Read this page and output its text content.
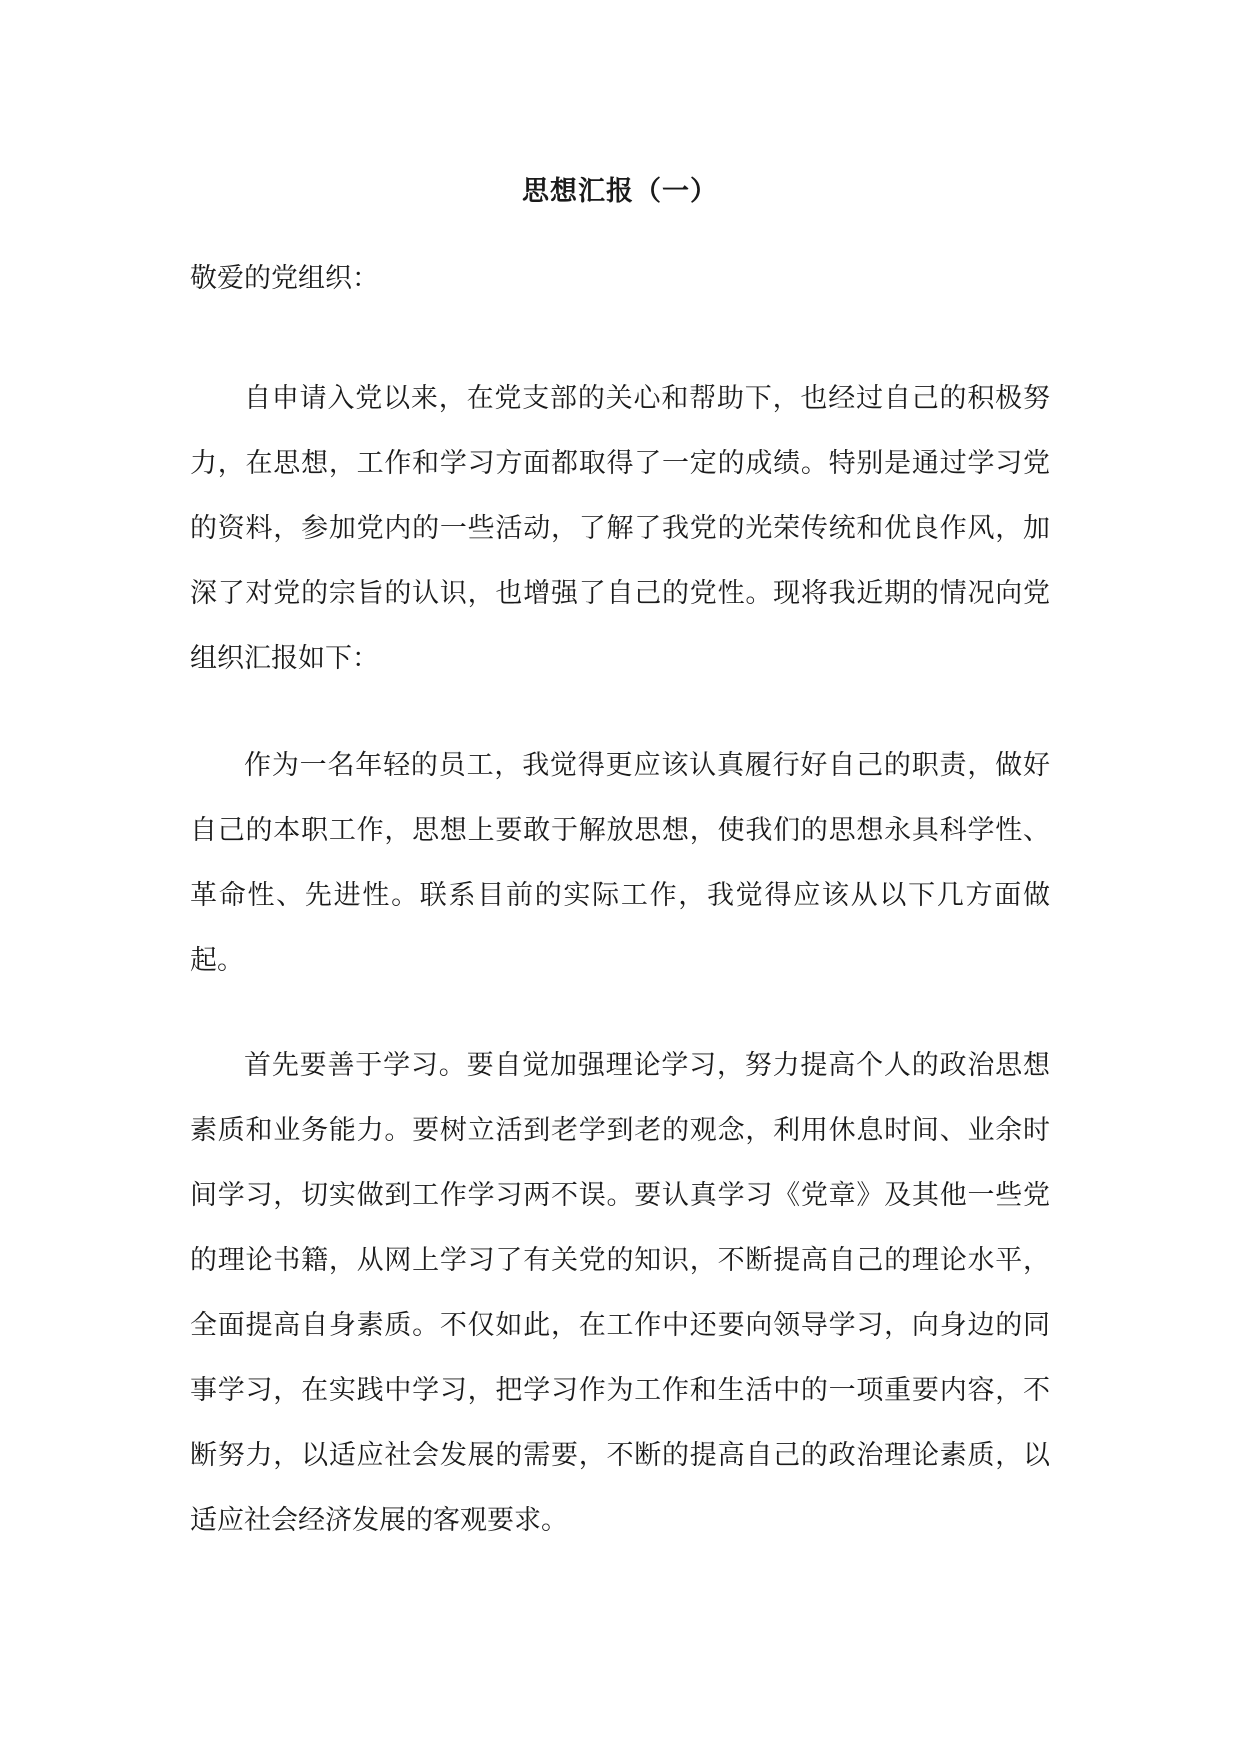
思想汇报（一）
敬爱的党组织：

自申请入党以来，在党支部的关心和帮助下，也经过自己的积极努力，在思想，工作和学习方面都取得了一定的成绩。特别是通过学习党的资料，参加党内的一些活动，了解了我党的光荣传统和优良作风，加深了对党的宗旨的认识，也增强了自己的党性。现将我近期的情况向党组织汇报如下：

作为一名年轻的员工，我觉得更应该认真履行好自己的职责，做好自己的本职工作，思想上要敢于解放思想，使我们的思想永具科学性、革命性、先进性。联系目前的实际工作，我觉得应该从以下几方面做起。

首先要善于学习。要自觉加强理论学习，努力提高个人的政治思想素质和业务能力。要树立活到老学到老的观念，利用休息时间、业余时间学习，切实做到工作学习两不误。要认真学习《党章》及其他一些党的理论书籍，从网上学习了有关党的知识，不断提高自己的理论水平，全面提高自身素质。不仅如此，在工作中还要向领导学习，向身边的同事学习，在实践中学习，把学习作为工作和生活中的一项重要内容，不断努力，以适应社会发展的需要，不断的提高自己的政治理论素质，以适应社会经济发展的客观要求。
